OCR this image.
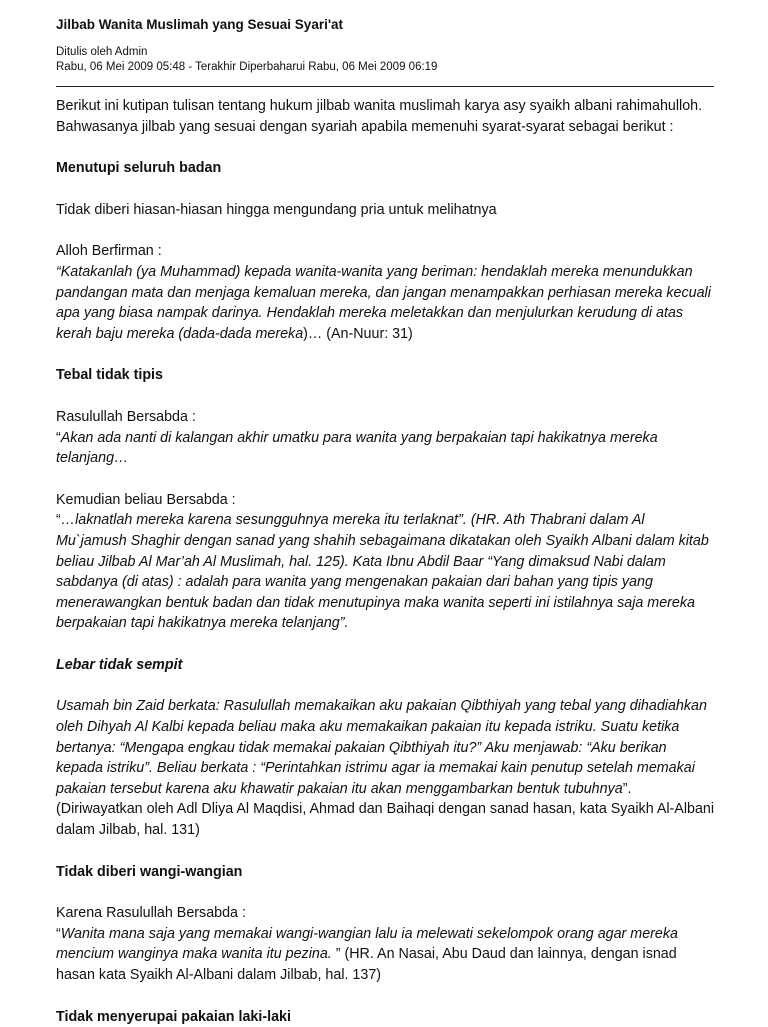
Jilbab Wanita Muslimah yang Sesuai Syari'at

Ditulis oleh Admin
Rabu, 06 Mei 2009 05:48 - Terakhir Diperbaharui Rabu, 06 Mei 2009 06:19

Berikut ini kutipan tulisan tentang hukum jilbab wanita muslimah karya asy syaikh albani rahimahulloh. Bahwasanya jilbab yang sesuai dengan syariah apabila memenuhi syarat-syarat sebagai berikut :

Menutupi seluruh badan

Tidak diberi hiasan-hiasan hingga mengundang pria untuk melihatnya

Alloh Berfirman :
“Katakanlah (ya Muhammad) kepada wanita-wanita yang beriman: hendaklah mereka menundukkan pandangan mata dan menjaga kemaluan mereka, dan jangan menampakkan perhiasan mereka kecuali apa yang biasa nampak darinya. Hendaklah mereka meletakkan dan menjulurkan kerudung di atas kerah baju mereka (dada-dada mereka)… (An-Nuur: 31)

Tebal tidak tipis

Rasulullah Bersabda :
“Akan ada nanti di kalangan akhir umatku para wanita yang berpakaian tapi hakikatnya mereka telanjang…

Kemudian beliau Bersabda :
“…laknatlah mereka karena sesungguhnya mereka itu terlaknat”. (HR. Ath Thabrani dalam Al Mu`jamush Shaghir dengan sanad yang shahih sebagaimana dikatakan oleh Syaikh Albani dalam kitab beliau Jilbab Al Mar’ah Al Muslimah, hal. 125). Kata Ibnu Abdil Baar “Yang dimaksud Nabi dalam sabdanya (di atas) : adalah para wanita yang mengenakan pakaian dari bahan yang tipis yang menerawangkan bentuk badan dan tidak menutupinya maka wanita seperti ini istilahnya saja mereka berpakaian tapi hakikatnya mereka telanjang”.

Lebar tidak sempit

Usamah bin Zaid berkata: Rasulullah memakaikan aku pakaian Qibthiyah yang tebal yang dihadiahkan oleh Dihyah Al Kalbi kepada beliau maka aku memakaikan pakaian itu kepada istriku. Suatu ketika bertanya: “Mengapa engkau tidak memakai pakaian Qibthiyah itu?” Aku menjawab: “Aku berikan kepada istriku”. Beliau berkata : “Perintahkan istrimu agar ia memakai kain penutup setelah memakai pakaian tersebut karena aku khawatir pakaian itu akan menggambarkan bentuk tubuhnya”. (Diriwayatkan oleh Adl Dliya Al Maqdisi, Ahmad dan Baihaqi dengan sanad hasan, kata Syaikh Al-Albani dalam Jilbab, hal. 131)

Tidak diberi wangi-wangian

Karena Rasulullah Bersabda :
“Wanita mana saja yang memakai wangi-wangian lalu ia melewati sekelompok orang agar mereka mencium wanginya maka wanita itu pezina. ” (HR. An Nasai, Abu Daud dan lainnya, dengan isnad hasan kata Syaikh Al-Albani dalam Jilbab, hal. 137)

Tidak menyerupai pakaian laki-laki
